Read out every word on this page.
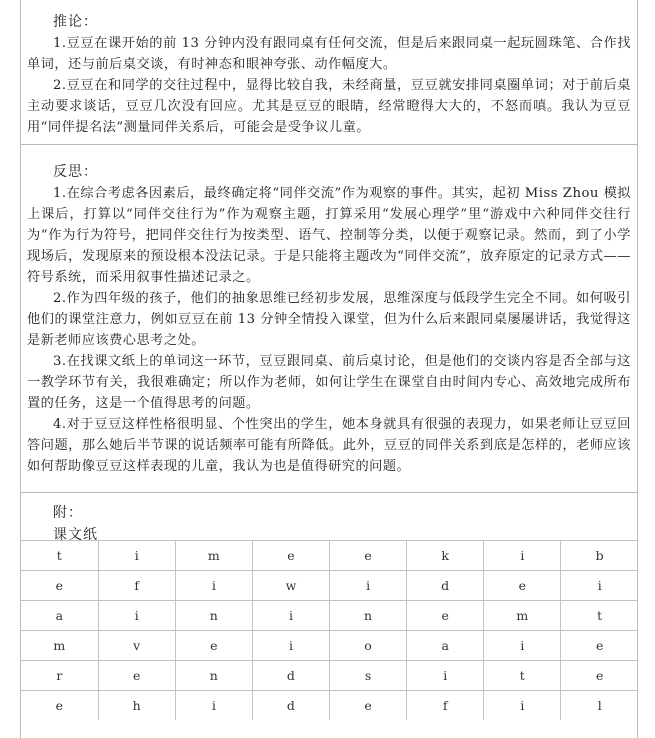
推论：

1.豆豆在课开始的前 13 分钟内没有跟同桌有任何交流，但是后来跟同桌一起玩圆珠笔、合作找单词，还与前后桌交谈，有时神态和眼神夸张、动作幅度大。

2.豆豆在和同学的交往过程中，显得比较自我，未经商量，豆豆就安排同桌圈单词；对于前后桌主动要求谈话，豆豆几次没有回应。尤其是豆豆的眼睛，经常瞪得大大的，不怒而嗔。我认为豆豆用“同伴提名法”测量同伴关系后，可能会是受争议儿童。

反思：

1.在综合考虑各因素后，最终确定将“同伴交流”作为观察的事件。其实，起初 Miss Zhou 模拟上课后，打算以“同伴交往行为”作为观察主题，打算采用“发展心理学”里“游戏中六种同伴交往行为”作为行为符号，把同伴交往行为按类型、语气、控制等分类，以便于观察记录。然而，到了小学现场后，发现原来的预设根本没法记录。于是只能将主题改为“同伴交流”，放弃原定的记录方式——符号系统，而采用叙事性描述记录之。

2.作为四年级的孩子，他们的抽象思维已经初步发展，思维深度与低段学生完全不同。如何吸引他们的课堂注意力，例如豆豆在前 13 分钟全情投入课堂，但为什么后来跟同桌屡屡讲话，我觉得这是新老师应该费心思考之处。

3.在找课文纸上的单词这一环节，豆豆跟同桌、前后桌讨论，但是他们的交谈内容是否全部与这一教学环节有关，我很难确定；所以作为老师，如何让学生在课堂自由时间内专心、高效地完成所布置的任务，这是一个值得思考的问题。

4.对于豆豆这样性格很明显、个性突出的学生，她本身就具有很强的表现力，如果老师让豆豆回答问题，那么她后半节课的说话频率可能有所降低。此外，豆豆的同伴关系到底是怎样的，老师应该如何帮助像豆豆这样表现的儿童，我认为也是值得研究的问题。

附：
课文纸
t	i	m	e	e	k	i	b
e	f	i	w	i	d	e	i
a	i	n	i	n	e	m	t
m	v	e	i	o	a	i	e
r	e	n	d	s	i	t	e
e	h	i	d	e	f	i	l
